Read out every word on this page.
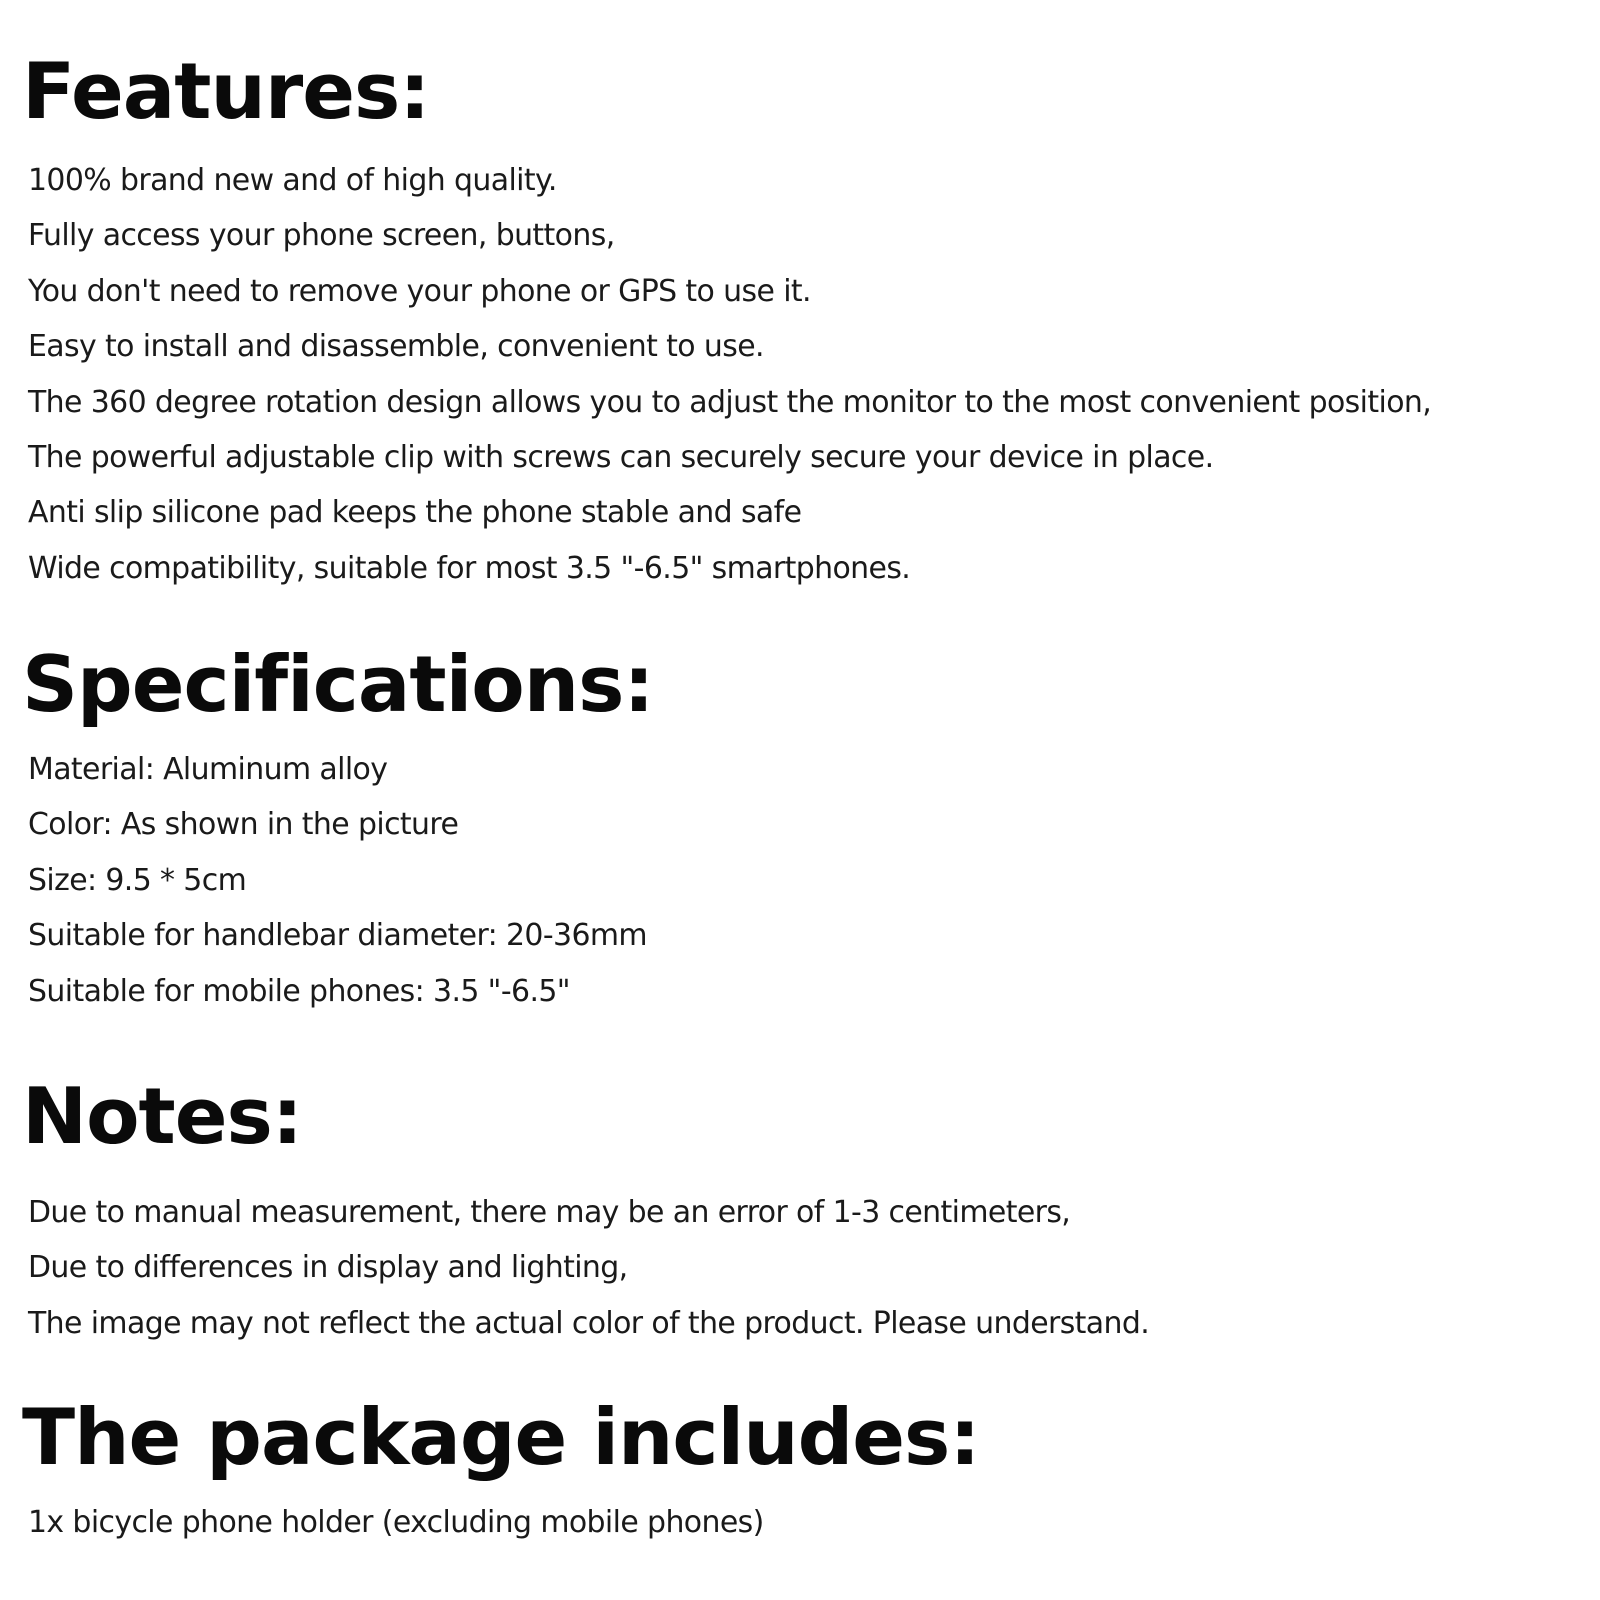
Features:
100% brand new and of high quality.
Fully access your phone screen, buttons,
You don't need to remove your phone or GPS to use it.
Easy to install and disassemble, convenient to use.
The 360 degree rotation design allows you to adjust the monitor to the most convenient position,
The powerful adjustable clip with screws can securely secure your device in place.
Anti slip silicone pad keeps the phone stable and safe
Wide compatibility, suitable for most 3.5 "-6.5" smartphones.
Specifications:
Material: Aluminum alloy
Color: As shown in the picture
Size: 9.5 * 5cm
Suitable for handlebar diameter: 20-36mm
Suitable for mobile phones: 3.5 "-6.5"
Notes:
Due to manual measurement, there may be an error of 1-3 centimeters,
Due to differences in display and lighting,
The image may not reflect the actual color of the product. Please understand.
The package includes:
1x bicycle phone holder (excluding mobile phones)
